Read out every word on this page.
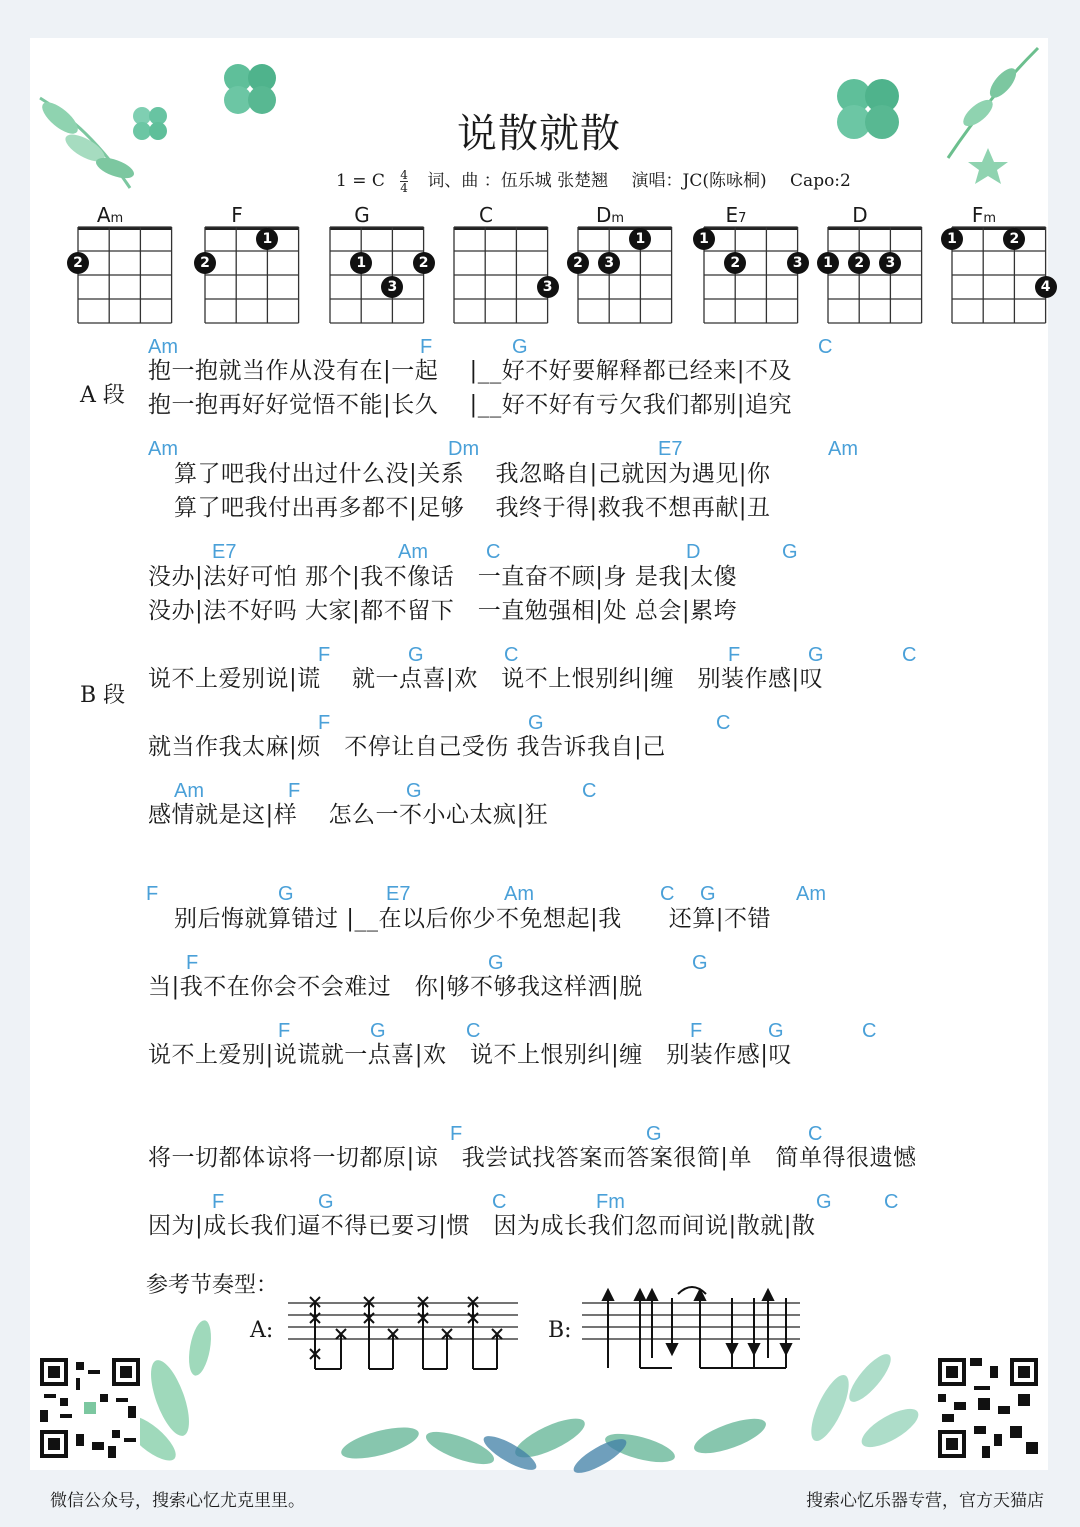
说散就散
1 = C $\frac{4}{4}$ 词、曲 ：伍乐城 张楚翘 演唱：JC(陈咏桐) Capo:2
Am
2
F
2
1
G
1
3
2
C
3
Dm
2	3
1
E7
1
2	3
D
1	2	3
Fm
1	2
4
A 段
B 段
Am	F	G	C
Am	Dm	E7	Am
E7	Am	C	D	G
F	G	C	F	G	C
F	G	C
Am	F	G	C
F	G	E7	Am	C G	Am
F	G	G
F	G	C	F	G	C
F	G	C
F	G	C	Fm	G	C
抱一抱就当作从没有在|一起　 |__好不好要解释都已经来|不及
抱一抱再好好觉悟不能|长久　 |__好不好有亏欠我们都别|追究
算了吧我付出过什么没|关系　 我忽略自|己就因为遇见|你
算了吧我付出再多都不|足够　 我终于得|救我不想再献|丑
没办|法好可怕 那个|我不像话　一直奋不顾|身 是我|太傻
没办|法不好吗 大家|都不留下　一直勉强相|处 总会|累垮
说不上爱别说|谎　 就一点喜|欢　说不上恨别纠|缠　别装作感|叹
就当作我太麻|烦　不停让自己受伤 我告诉我自|己
感情就是这|样　 怎么一不小心太疯|狂
别后悔就算错过 |__在以后你少不免想起|我　　还算|不错
当|我不在你会不会难过　你|够不够我这样洒|脱
说不上爱别|说谎就一点喜|欢　说不上恨别纠|缠　别装作感|叹
将一切都体谅将一切都原|谅　我尝试找答案而答案很简|单　简单得很遗憾
因为|成长我们逼不得已要习|惯　因为成长我们忽而间说|散就|散
参考节奏型：
A:	B:
微信公众号，搜索心忆尤克里里。	搜索心忆乐器专营，官方天猫店
